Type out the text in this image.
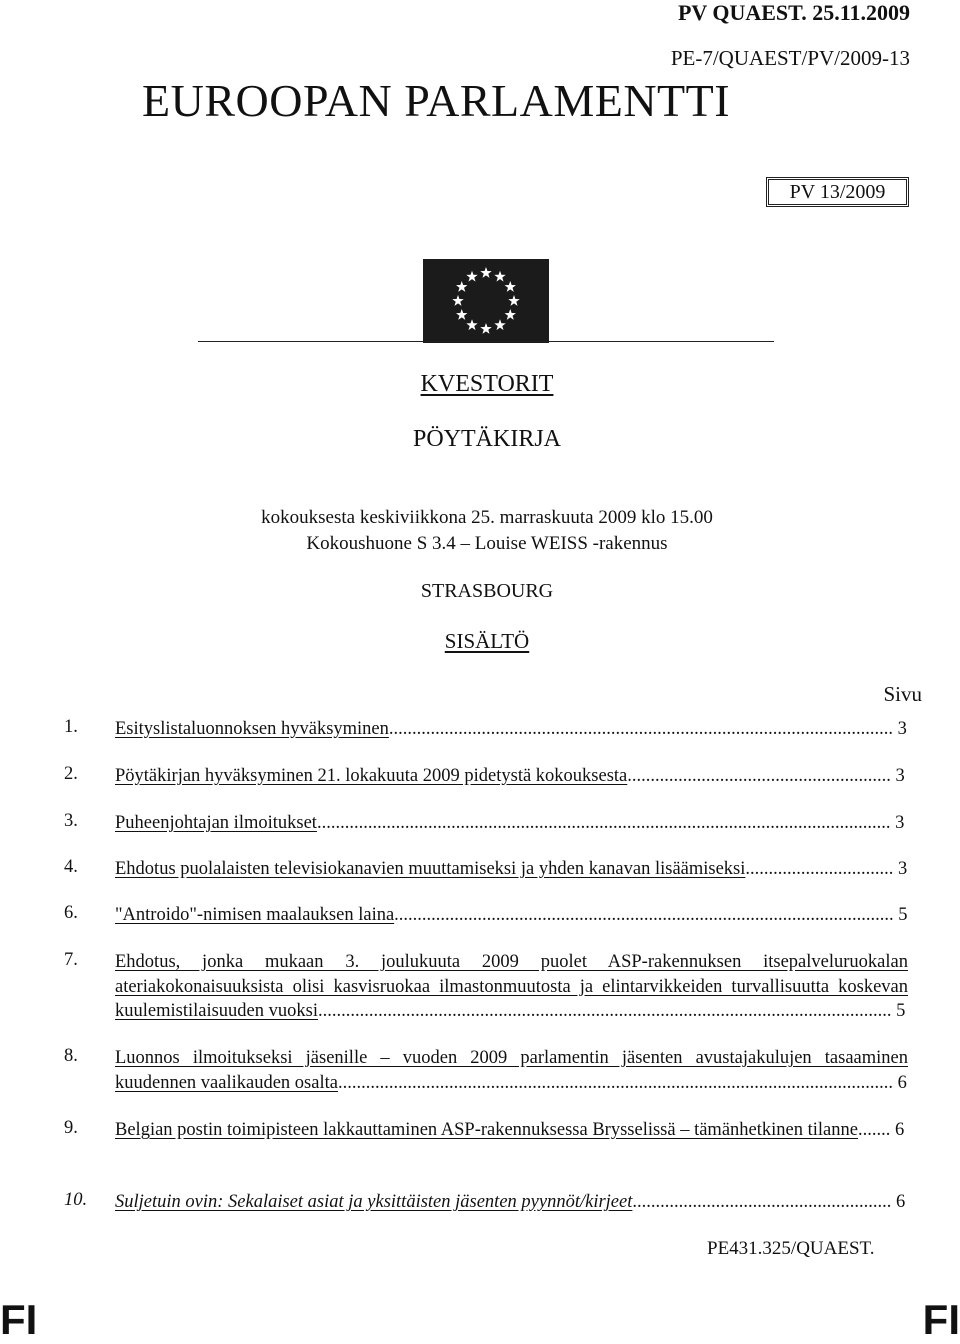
PV QUAEST. 25.11.2009
PE-7/QUAEST/PV/2009-13
EUROOPAN PARLAMENTTI
PV 13/2009
KVESTORIT
PÖYTÄKIRJA
kokouksesta keskiviikkona 25. marraskuuta 2009 klo 15.00
Kokoushuone S 3.4 – Louise WEISS -rakennus
STRASBOURG
SISÄLTÖ
Sivu
1. Esityslistaluonnoksen hyväksyminen............................................................................................................. 3
2. Pöytäkirjan hyväksyminen 21. lokakuuta 2009 pidetystä kokouksesta......................................................... 3
3. Puheenjohtajan ilmoitukset............................................................................................................................ 3
4. Ehdotus puolalaisten televisiokanavien muuttamiseksi ja yhden kanavan lisäämiseksi................................ 3
6. "Antroido"-nimisen maalauksen laina............................................................................................................ 5
7. Ehdotus, jonka mukaan 3. joulukuuta 2009 puolet ASP-rakennuksen itsepalveluruokalan ateriakokonaisuuksista olisi kasvisruokaa ilmastonmuutosta ja elintarvikkeiden turvallisuutta koskevan kuulemistilaisuuden vuoksi............................................................................................................................ 5
8. Luonnos ilmoitukseksi jäsenille – vuoden 2009 parlamentin jäsenten avustajakulujen tasaaminen kuudennen vaalikauden osalta........................................................................................................................ 6
9. Belgian postin toimipisteen lakkauttaminen ASP-rakennuksessa Brysselissä – tämänhetkinen tilanne....... 6
10. Suljetuin ovin: Sekalaiset asiat ja yksittäisten jäsenten pyynnöt/kirjeet........................................................ 6
PE431.325/QUAEST.
FI	FI
